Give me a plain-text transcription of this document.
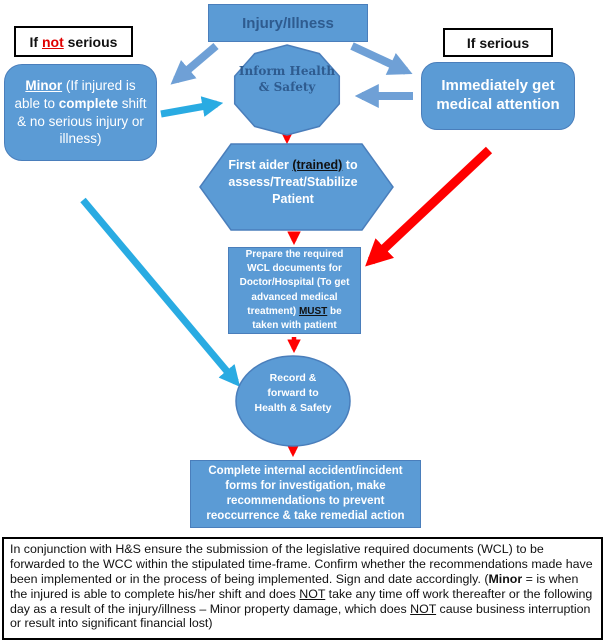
Injury/Illness
If not serious	If serious
Minor (If injured is able to complete shift & no serious injury or illness)
Immediately get medical attention
Inform Health & Safety
First aider (trained) to assess/Treat/Stabilize Patient
Prepare the required WCL documents for Doctor/Hospital (To get advanced medical treatment) MUST be taken with patient
Record & forward to Health & Safety
Complete internal accident/incident forms for investigation, make recommendations to prevent reoccurrence & take remedial action
In conjunction with H&S ensure the submission of the legislative required documents (WCL) to be forwarded to the WCC within the stipulated time-frame. Confirm whether the recommendations made have been implemented or in the process of being implemented. Sign and date accordingly. (Minor = is when the injured is able to complete his/her shift and does NOT take any time off work thereafter or the following day as a result of the injury/illness – Minor property damage, which does NOT cause business interruption or result into significant financial lost)
